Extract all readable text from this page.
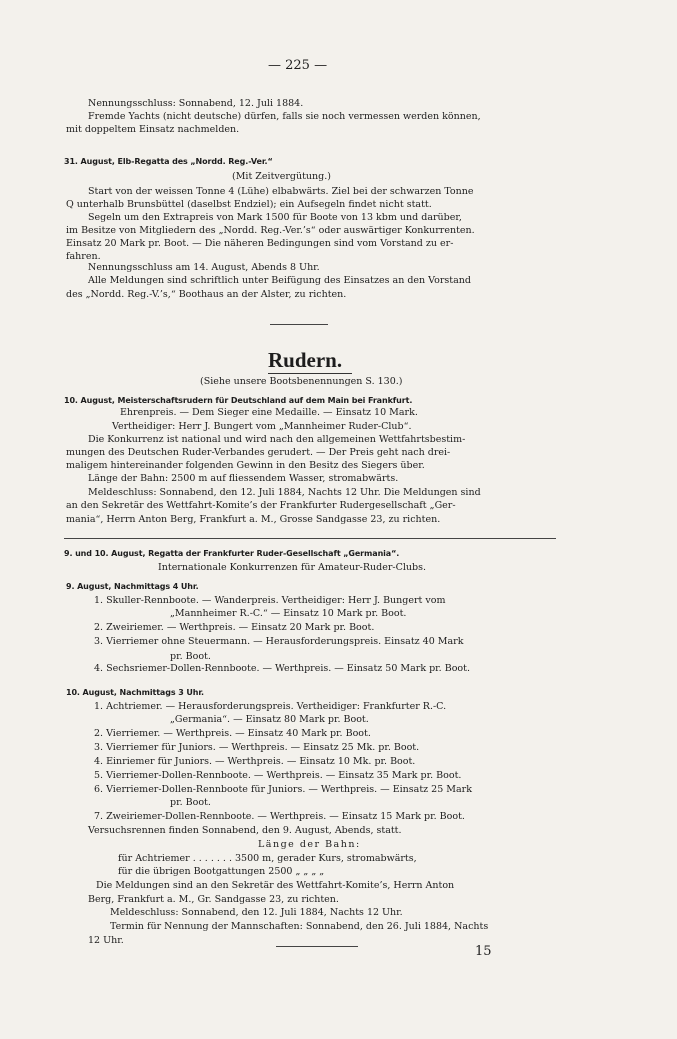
— 225 —
Nennungsschluss: Sonnabend, 12. Juli 1884.
Fremde Yachts (nicht deutsche) dürfen, falls sie noch vermessen werden können,
mit doppeltem Einsatz nachmelden.
31. August, Elb-Regatta des „Nordd. Reg.-Ver.“
(Mit Zeitvergütung.)
Start von der weissen Tonne 4 (Lühe) elbabwärts. Ziel bei der schwarzen Tonne
Q unterhalb Brunsbüttel (daselbst Endziel); ein Aufsegeln findet nicht statt.
Segeln um den Extrapreis von Mark 1500 für Boote von 13 kbm und darüber,
im Besitze von Mitgliedern des „Nordd. Reg.-Ver.’s“ oder auswärtiger Konkurrenten.
Einsatz 20 Mark pr. Boot. — Die näheren Bedingungen sind vom Vorstand zu er-
fahren.
Nennungsschluss am 14. August, Abends 8 Uhr.
Alle Meldungen sind schriftlich unter Beifügung des Einsatzes an den Vorstand
des „Nordd. Reg.-V.’s,“ Boothaus an der Alster, zu richten.
Rudern.
(Siehe unsere Bootsbenennungen S. 130.)
10. August, Meisterschaftsrudern für Deutschland auf dem Main bei Frankfurt.
Ehrenpreis. — Dem Sieger eine Medaille. — Einsatz 10 Mark.
Vertheidiger: Herr J. Bungert vom „Mannheimer Ruder-Club“.
Die Konkurrenz ist national und wird nach den allgemeinen Wettfahrtsbestim-
mungen des Deutschen Ruder-Verbandes gerudert. — Der Preis geht nach drei-
maligem hintereinander folgenden Gewinn in den Besitz des Siegers über.
Länge der Bahn: 2500 m auf fliessendem Wasser, stromabwärts.
Meldeschluss: Sonnabend, den 12. Juli 1884, Nachts 12 Uhr. Die Meldungen sind
an den Sekretär des Wettfahrt-Komite’s der Frankfurter Rudergesellschaft „Ger-
mania“, Herrn Anton Berg, Frankfurt a. M., Grosse Sandgasse 23, zu richten.
9. und 10. August, Regatta der Frankfurter Ruder-Gesellschaft „Germania“.
Internationale Konkurrenzen für Amateur-Ruder-Clubs.
9. August, Nachmittags 4 Uhr.
1. Skuller-Rennboote. — Wanderpreis. Vertheidiger: Herr J. Bungert vom
„Mannheimer R.-C.“ — Einsatz 10 Mark pr. Boot.
2. Zweiriemer. — Werthpreis. — Einsatz 20 Mark pr. Boot.
3. Vierriemer ohne Steuermann. — Herausforderungspreis. Einsatz 40 Mark
pr. Boot.
4. Sechsriemer-Dollen-Rennboote. — Werthpreis. — Einsatz 50 Mark pr. Boot.
10. August, Nachmittags 3 Uhr.
1. Achtriemer. — Herausforderungspreis. Vertheidiger: Frankfurter R.-C.
„Germania“. — Einsatz 80 Mark pr. Boot.
2. Vierriemer. — Werthpreis. — Einsatz 40 Mark pr. Boot.
3. Vierriemer für Juniors. — Werthpreis. — Einsatz 25 Mk. pr. Boot.
4. Einriemer für Juniors. — Werthpreis. — Einsatz 10 Mk. pr. Boot.
5. Vierriemer-Dollen-Rennboote. — Werthpreis. — Einsatz 35 Mark pr. Boot.
6. Vierriemer-Dollen-Rennboote für Juniors. — Werthpreis. — Einsatz 25 Mark
pr. Boot.
7. Zweiriemer-Dollen-Rennboote. — Werthpreis. — Einsatz 15 Mark pr. Boot.
Versuchsrennen finden Sonnabend, den 9. August, Abends, statt.
Länge der Bahn:
für Achtriemer . . . . . . . 3500 m, gerader Kurs, stromabwärts,
für die übrigen Bootgattungen 2500 „ „ „ „
Die Meldungen sind an den Sekretär des Wettfahrt-Komite’s, Herrn Anton
Berg, Frankfurt a. M., Gr. Sandgasse 23, zu richten.
Meldeschluss: Sonnabend, den 12. Juli 1884, Nachts 12 Uhr.
Termin für Nennung der Mannschaften: Sonnabend, den 26. Juli 1884, Nachts
12 Uhr.
15
